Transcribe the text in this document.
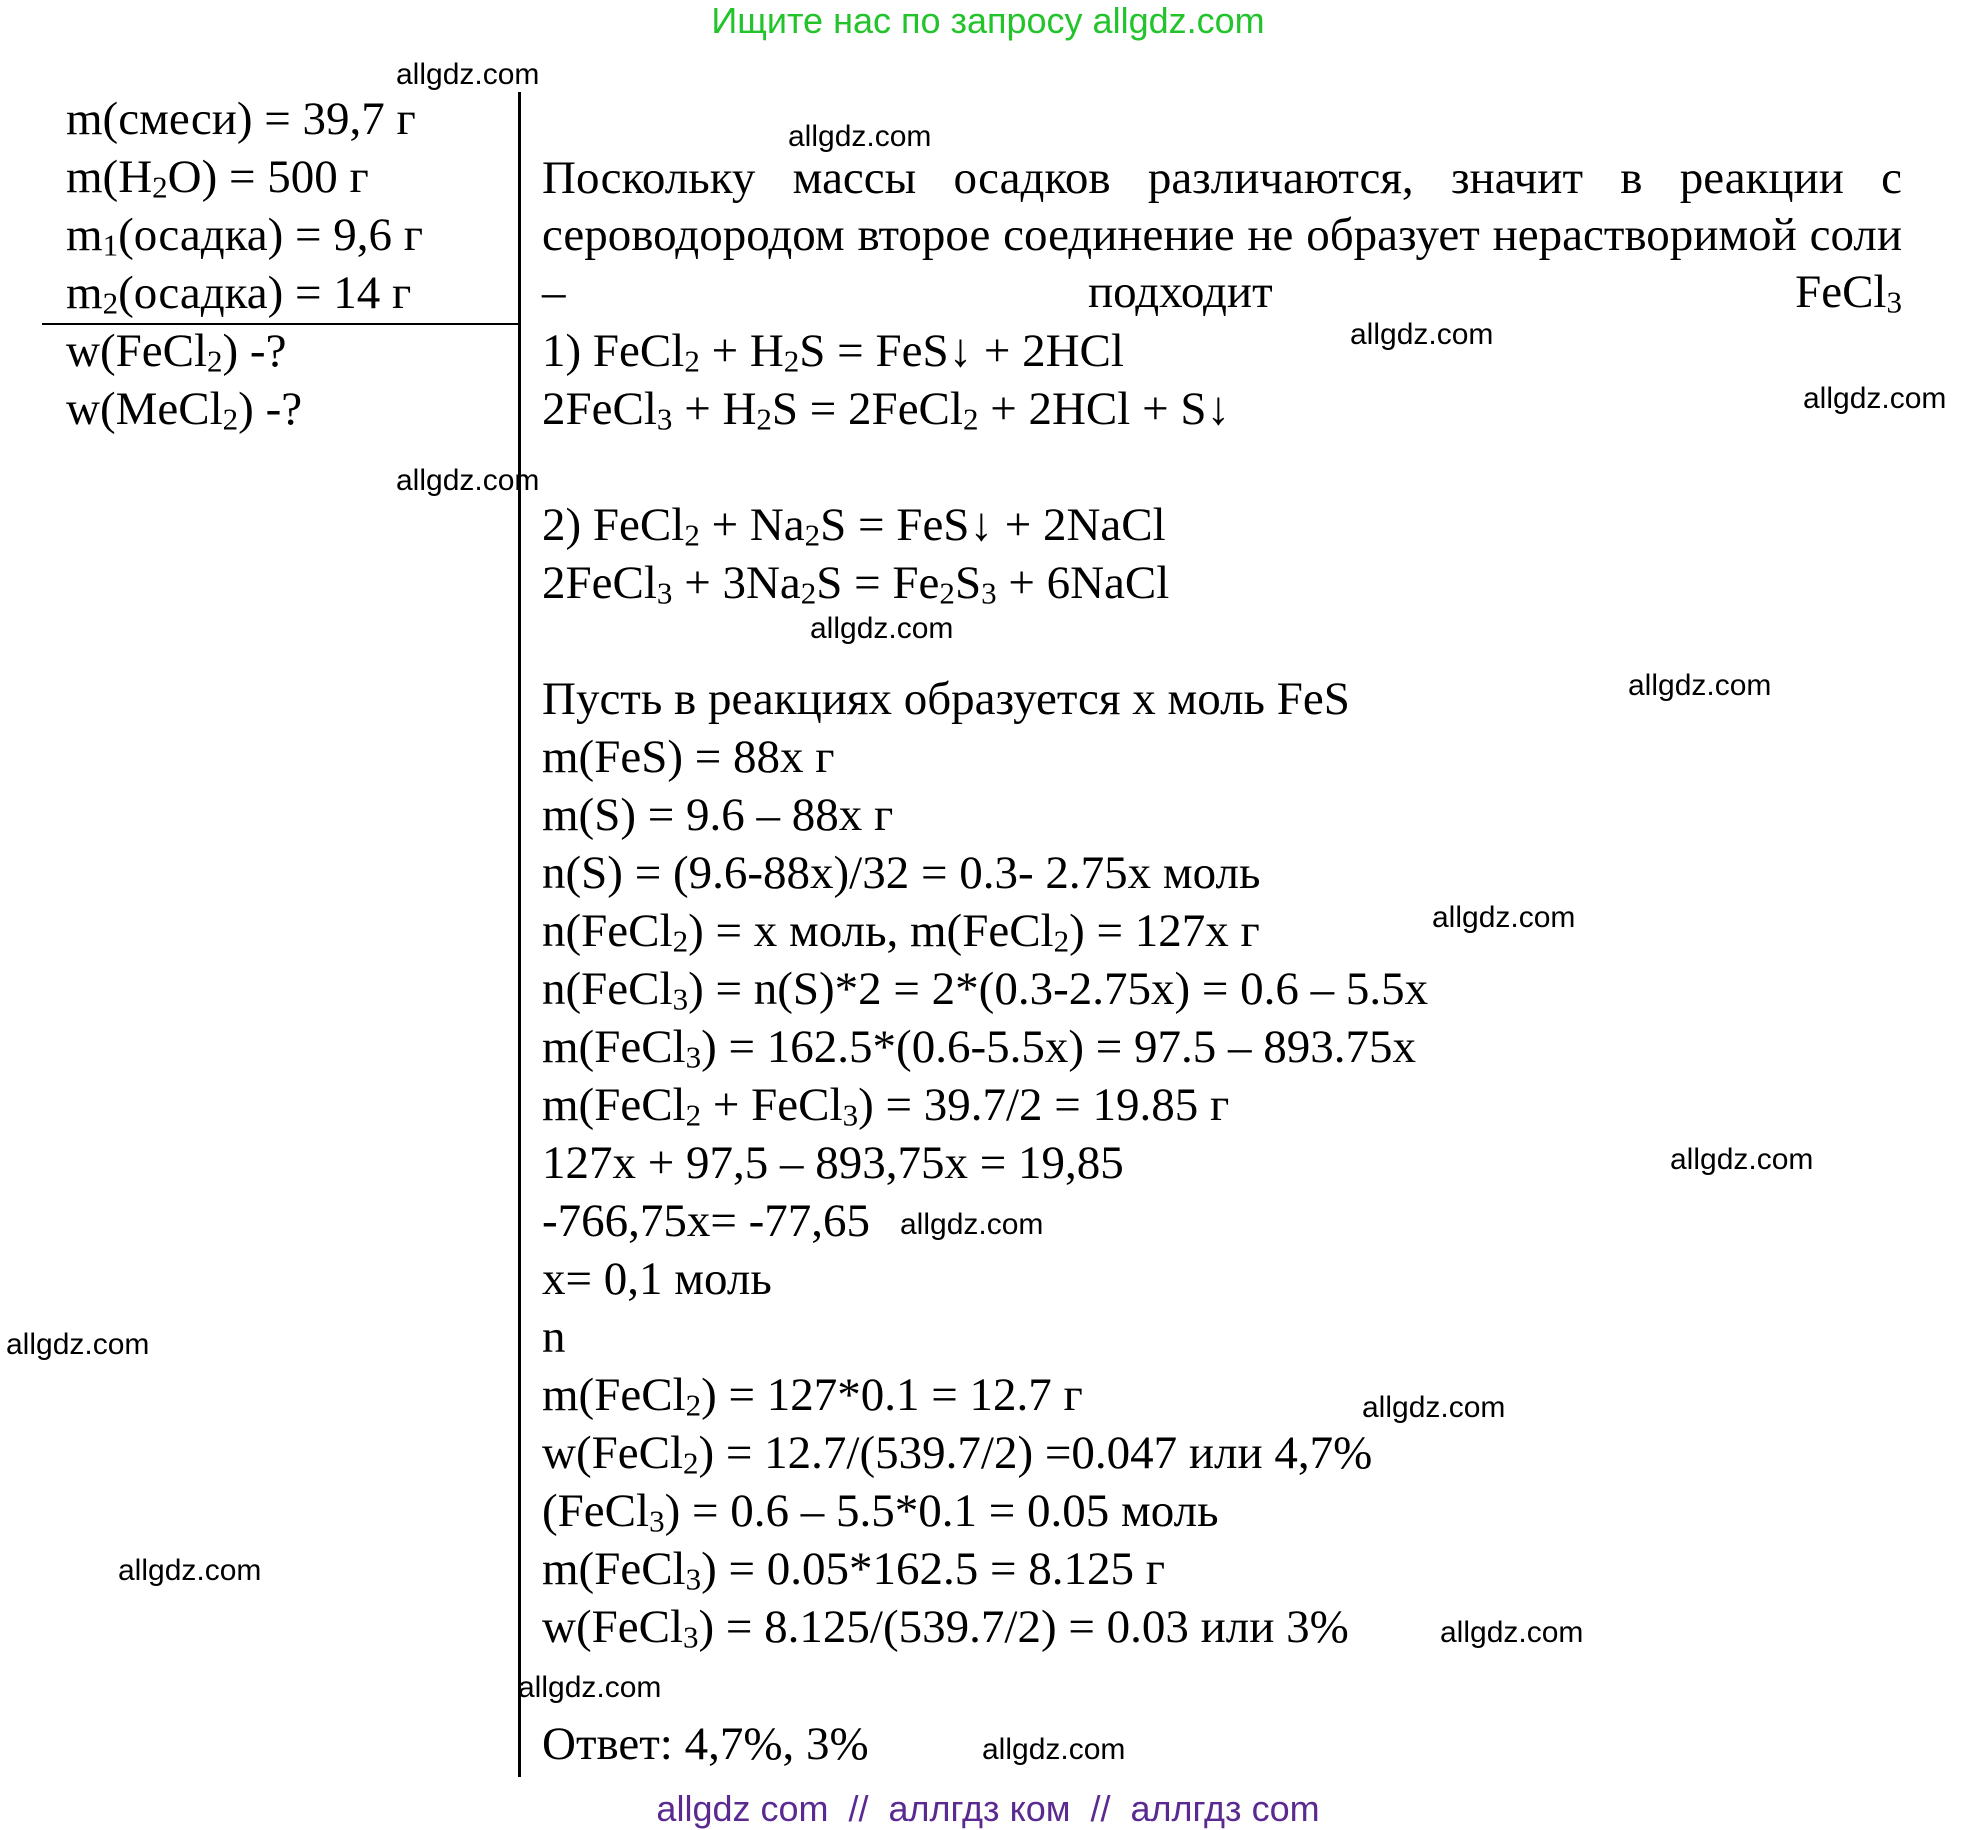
Ищите нас по запросу allgdz.com
m(смеси) = 39,7 г
$m(H_2O) = 500$ г
$m_1(осадка) = 9,6$ г
$m_2(осадка) = 14$ г
w(FeCl$_2$) -?
w(MeCl$_2$) -?
Поскольку массы осадков различаются, значит в реакции с сероводородом второе соединение не образует нерастворимой соли – подходит FeCl$_3$
1) FeCl$_2$ + $H_2S$ = FeS↓ + 2HCl
2FeCl$_3$ + $H_2S$ = 2FeCl$_2$ + 2HCl + S↓
2) FeCl$_2$ + $Na_2S$ = FeS↓ + 2NaCl
2FeCl$_3$ + $3Na_2S = Fe_2S_3$ + 6NaCl
Пусть в реакциях образуется x моль FeS
m(FeS) = 88x г
m(S) = 9.6 – 88x г
n(S) = (9.6-88x)/32 = 0.3- 2.75x моль
n(FeCl$_2$) = x моль, m(FeCl$_2$) = 127x г
n(FeCl$_3$) = n(S)*2 = 2*(0.3-2.75x) = 0.6 – 5.5x
m(FeCl$_3$) = 162.5*(0.6-5.5x) = 97.5 – 893.75x
m(FeCl$_2$ + FeCl$_3$) = 39.7/2 = 19.85 г
127x + 97,5 – 893,75x = 19,85
-766,75x= -77,65
x= 0,1 моль
n
m(FeCl$_2$) = 127*0.1 = 12.7 г
w(FeCl$_2$) = 12.7/(539.7/2) =0.047 или 4,7%
(FeCl$_3$) = 0.6 – 5.5*0.1 = 0.05 моль
m(FeCl$_3$) = 0.05*162.5 = 8.125 г
w(FeCl$_3$) = 8.125/(539.7/2) = 0.03 или 3%
Ответ: 4,7%, 3%
allgdz.com
allgdz.com
allgdz.com
allgdz.com
allgdz.com
allgdz.com
allgdz.com
allgdz.com
allgdz.com
allgdz.com
allgdz.com
allgdz.com
allgdz.com
allgdz.com
allgdz.com
allgdz.com
allgdz com  //  аллгдз ком  //  аллгдз com
